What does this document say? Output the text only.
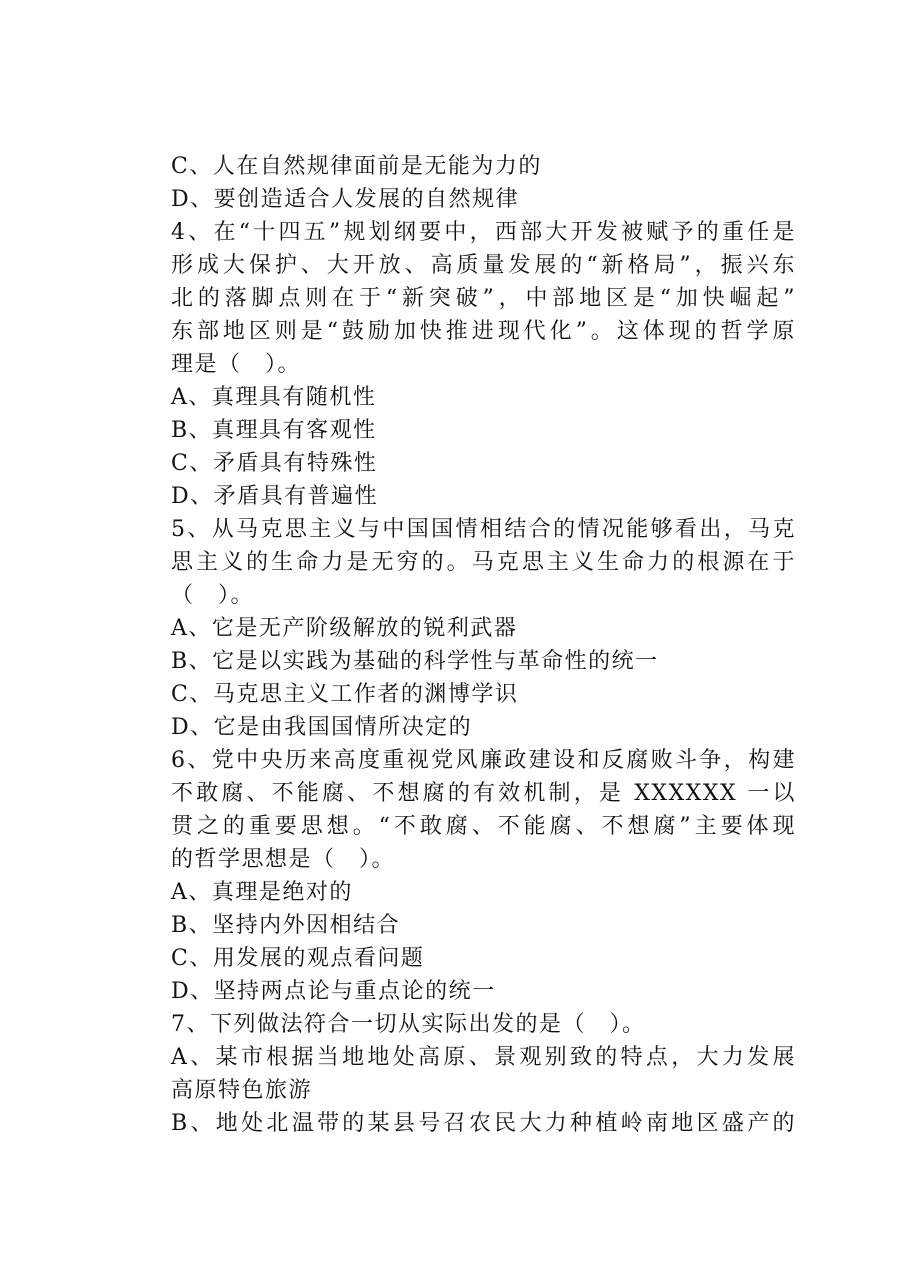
C、人在自然规律面前是无能为力的
D、要创造适合人发展的自然规律
4、在“十四五”规划纲要中，西部大开发被赋予的重任是
形成大保护、大开放、高质量发展的“新格局”，振兴东
北的落脚点则在于“新突破”，中部地区是“加快崛起”
东部地区则是“鼓励加快推进现代化”。这体现的哲学原
理是（　）。
A、真理具有随机性
B、真理具有客观性
C、矛盾具有特殊性
D、矛盾具有普遍性
5、从马克思主义与中国国情相结合的情况能够看出，马克
思主义的生命力是无穷的。马克思主义生命力的根源在于
（　）。
A、它是无产阶级解放的锐利武器
B、它是以实践为基础的科学性与革命性的统一
C、马克思主义工作者的渊博学识
D、它是由我国国情所决定的
6、党中央历来高度重视党风廉政建设和反腐败斗争，构建
不敢腐、不能腐、不想腐的有效机制，是 XXXXXX 一以
贯之的重要思想。“不敢腐、不能腐、不想腐”主要体现
的哲学思想是（　）。
A、真理是绝对的
B、坚持内外因相结合
C、用发展的观点看问题
D、坚持两点论与重点论的统一
7、下列做法符合一切从实际出发的是（　）。
A、某市根据当地地处高原、景观别致的特点，大力发展
高原特色旅游
B、地处北温带的某县号召农民大力种植岭南地区盛产的
